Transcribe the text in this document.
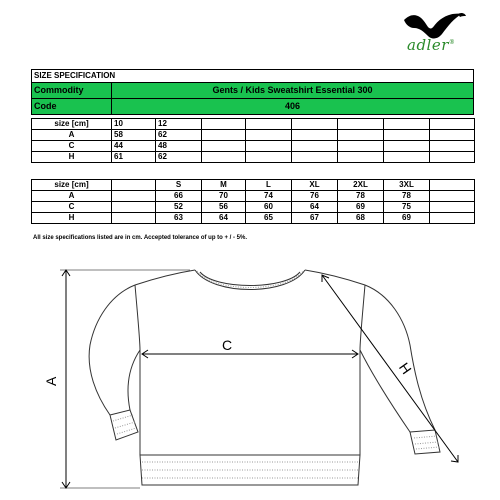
adler®
SIZE SPECIFICATION	
Commodity	Gents / Kids Sweatshirt Essential 300
Code	406
size [cm]	10	12						
A	58	62						
C	44	48						
H	61	62						
size [cm]		S	M	L	XL	2XL	3XL	
A		66	70	74	76	78	78	
C		52	56	60	64	69	75	
H		63	64	65	67	68	69	
All size specifications listed are in cm. Accepted tolerance of up to + / - 5%.
C
A
H
